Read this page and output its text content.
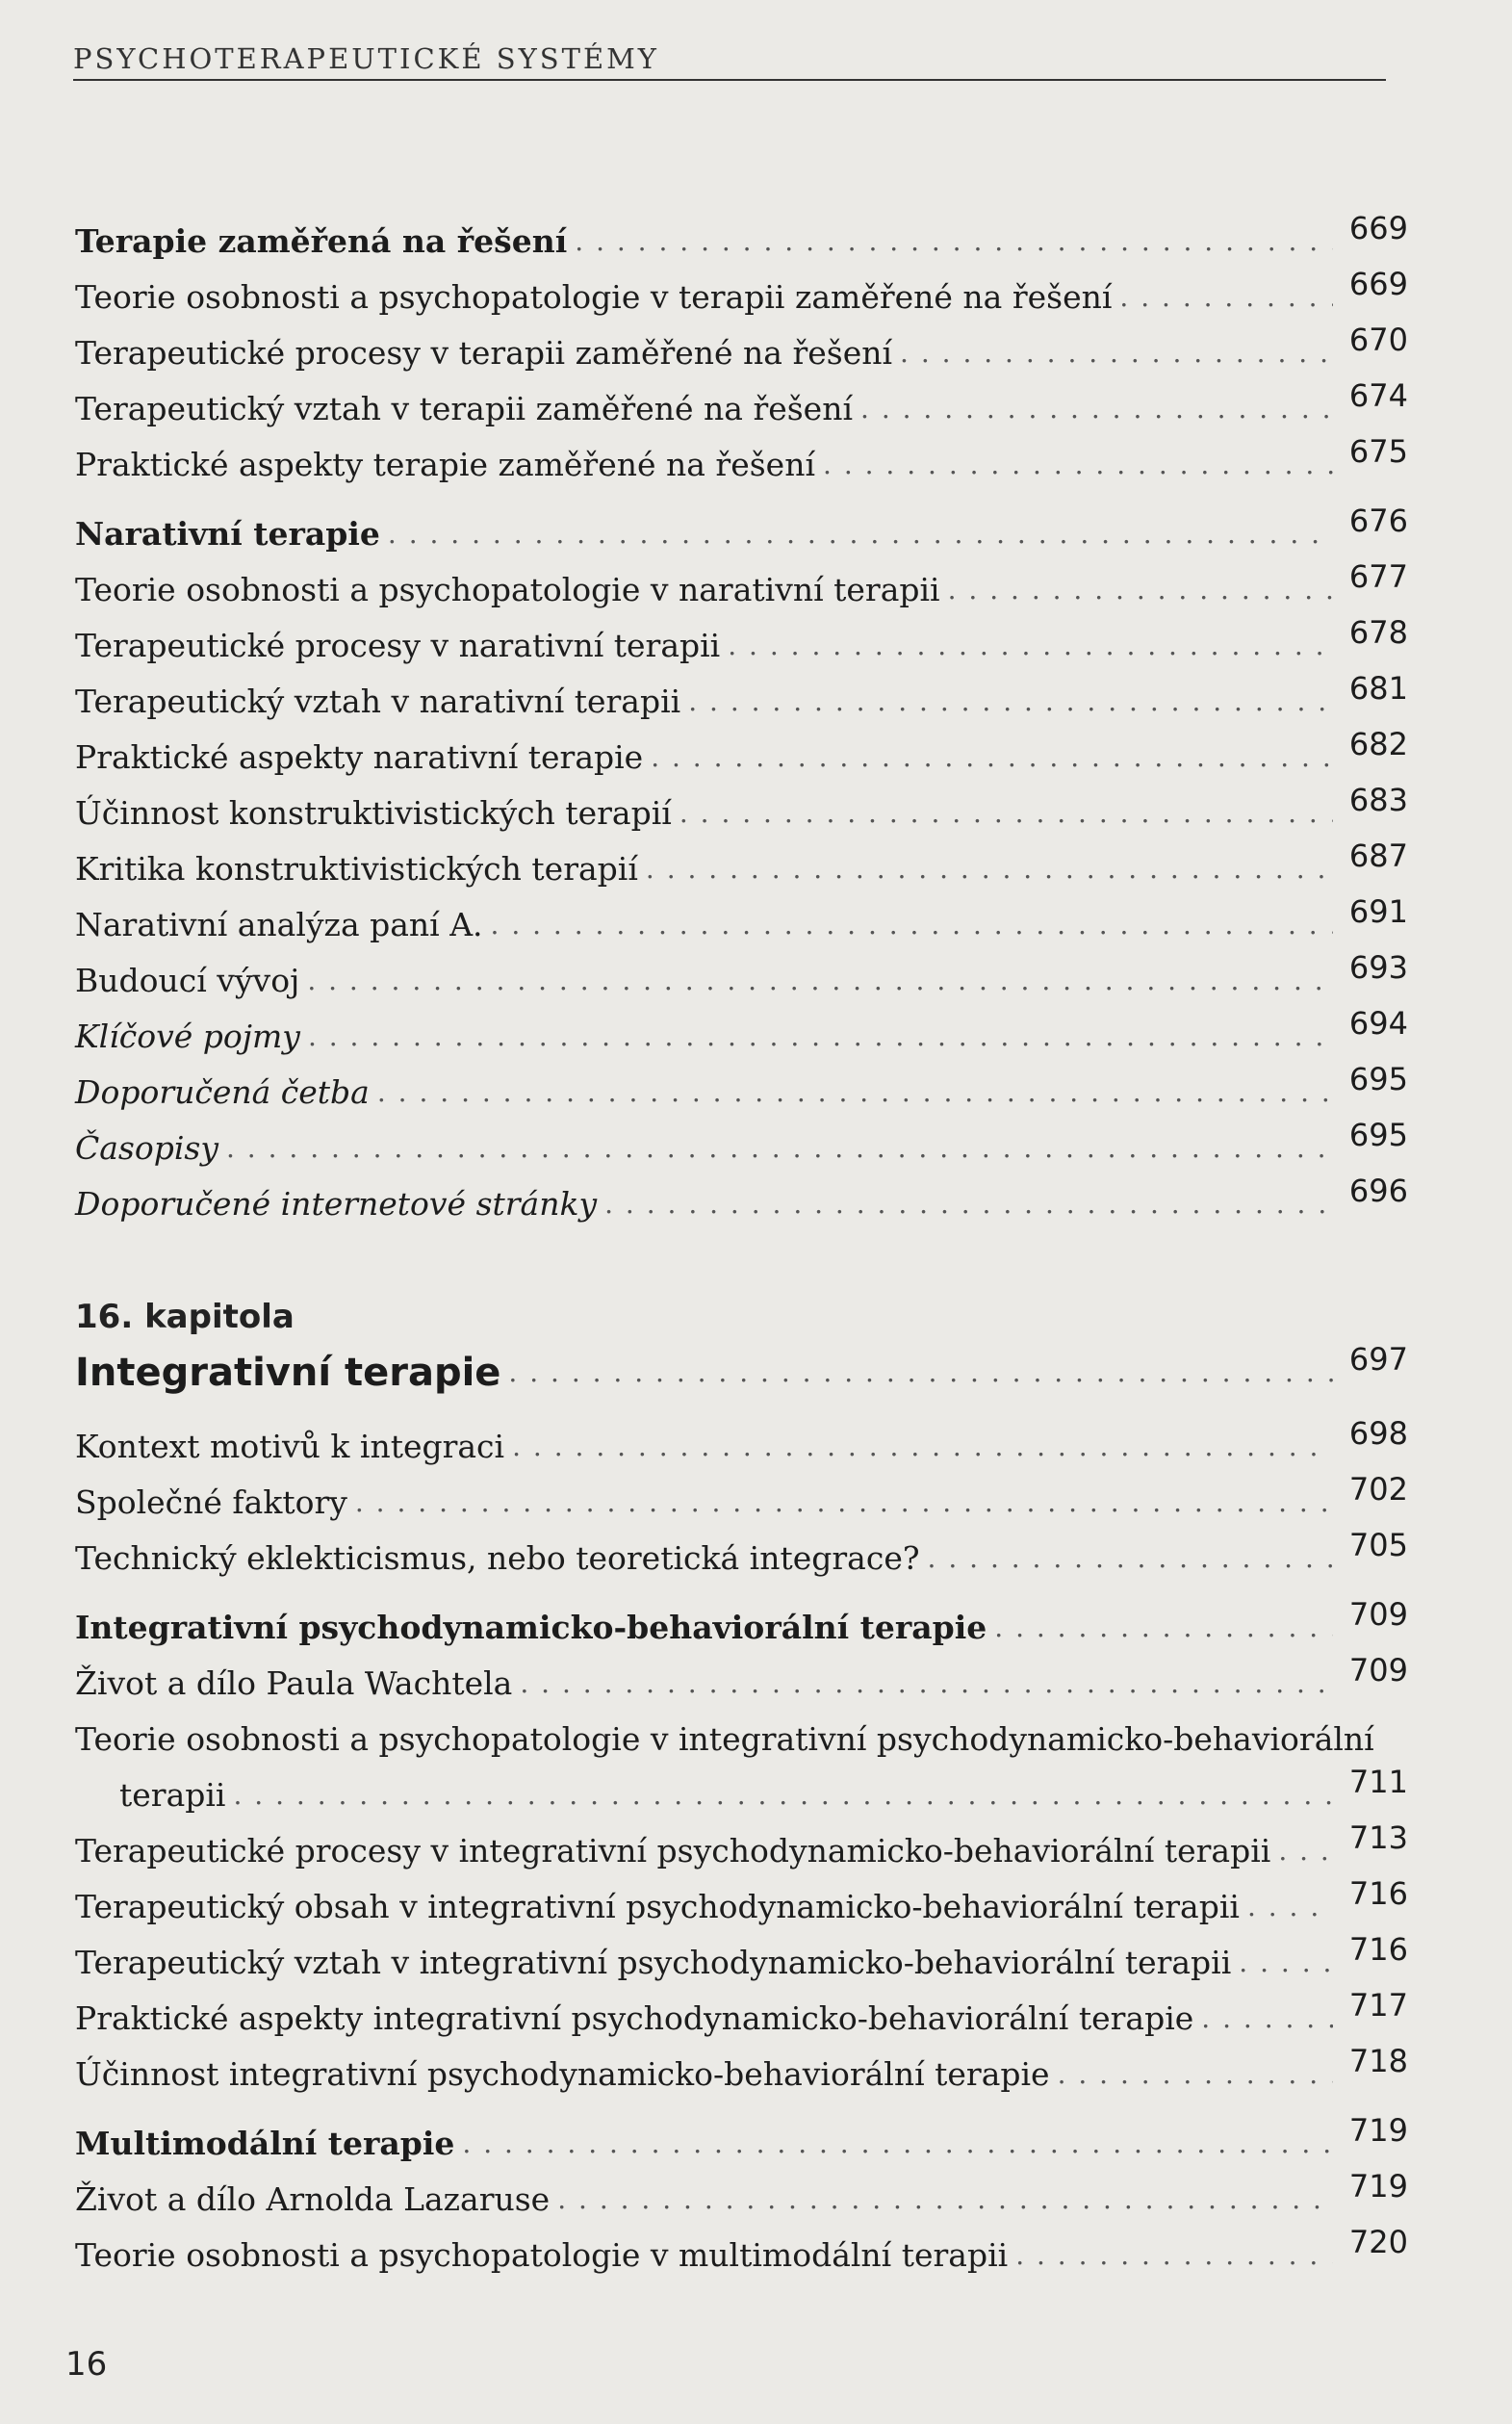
PSYCHOTERAPEUTICKÉ SYSTÉMY
Terapie zaměřená na řešení . . .	669
Teorie osobnosti a psychopatologie v terapii zaměřené na řešení . . .	669
Terapeutické procesy v terapii zaměřené na řešení . . .	670
Terapeutický vztah v terapii zaměřené na řešení . . .	674
Praktické aspekty terapie zaměřené na řešení . . .	675
Narativní terapie . . .	676
Teorie osobnosti a psychopatologie v narativní terapii . . .	677
Terapeutické procesy v narativní terapii . . .	678
Terapeutický vztah v narativní terapii . . .	681
Praktické aspekty narativní terapie . . .	682
Účinnost konstruktivistických terapií . . .	683
Kritika konstruktivistických terapií . . .	687
Narativní analýza paní A. . . .	691
Budoucí vývoj . . .	693
Klíčové pojmy . . .	694
Doporučená četba . . .	695
Časopisy . . .	695
Doporučené internetové stránky . . .	696
16. kapitola
Integrativní terapie . . .	697
Kontext motivů k integraci . . .	698
Společné faktory . . .	702
Technický eklekticismus, nebo teoretická integrace? . . .	705
Integrativní psychodynamicko-behaviorální terapie . . .	709
Život a dílo Paula Wachtela . . .	709
Teorie osobnosti a psychopatologie v integrativní psychodynamicko-behaviorální
terapii . . .	711
Terapeutické procesy v integrativní psychodynamicko-behaviorální terapii . . .	713
Terapeutický obsah v integrativní psychodynamicko-behaviorální terapii . . .	716
Terapeutický vztah v integrativní psychodynamicko-behaviorální terapii . . .	716
Praktické aspekty integrativní psychodynamicko-behaviorální terapie . . .	717
Účinnost integrativní psychodynamicko-behaviorální terapie . . .	718
Multimodální terapie . . .	719
Život a dílo Arnolda Lazaruse . . .	719
Teorie osobnosti a psychopatologie v multimodální terapii . . .	720
16
